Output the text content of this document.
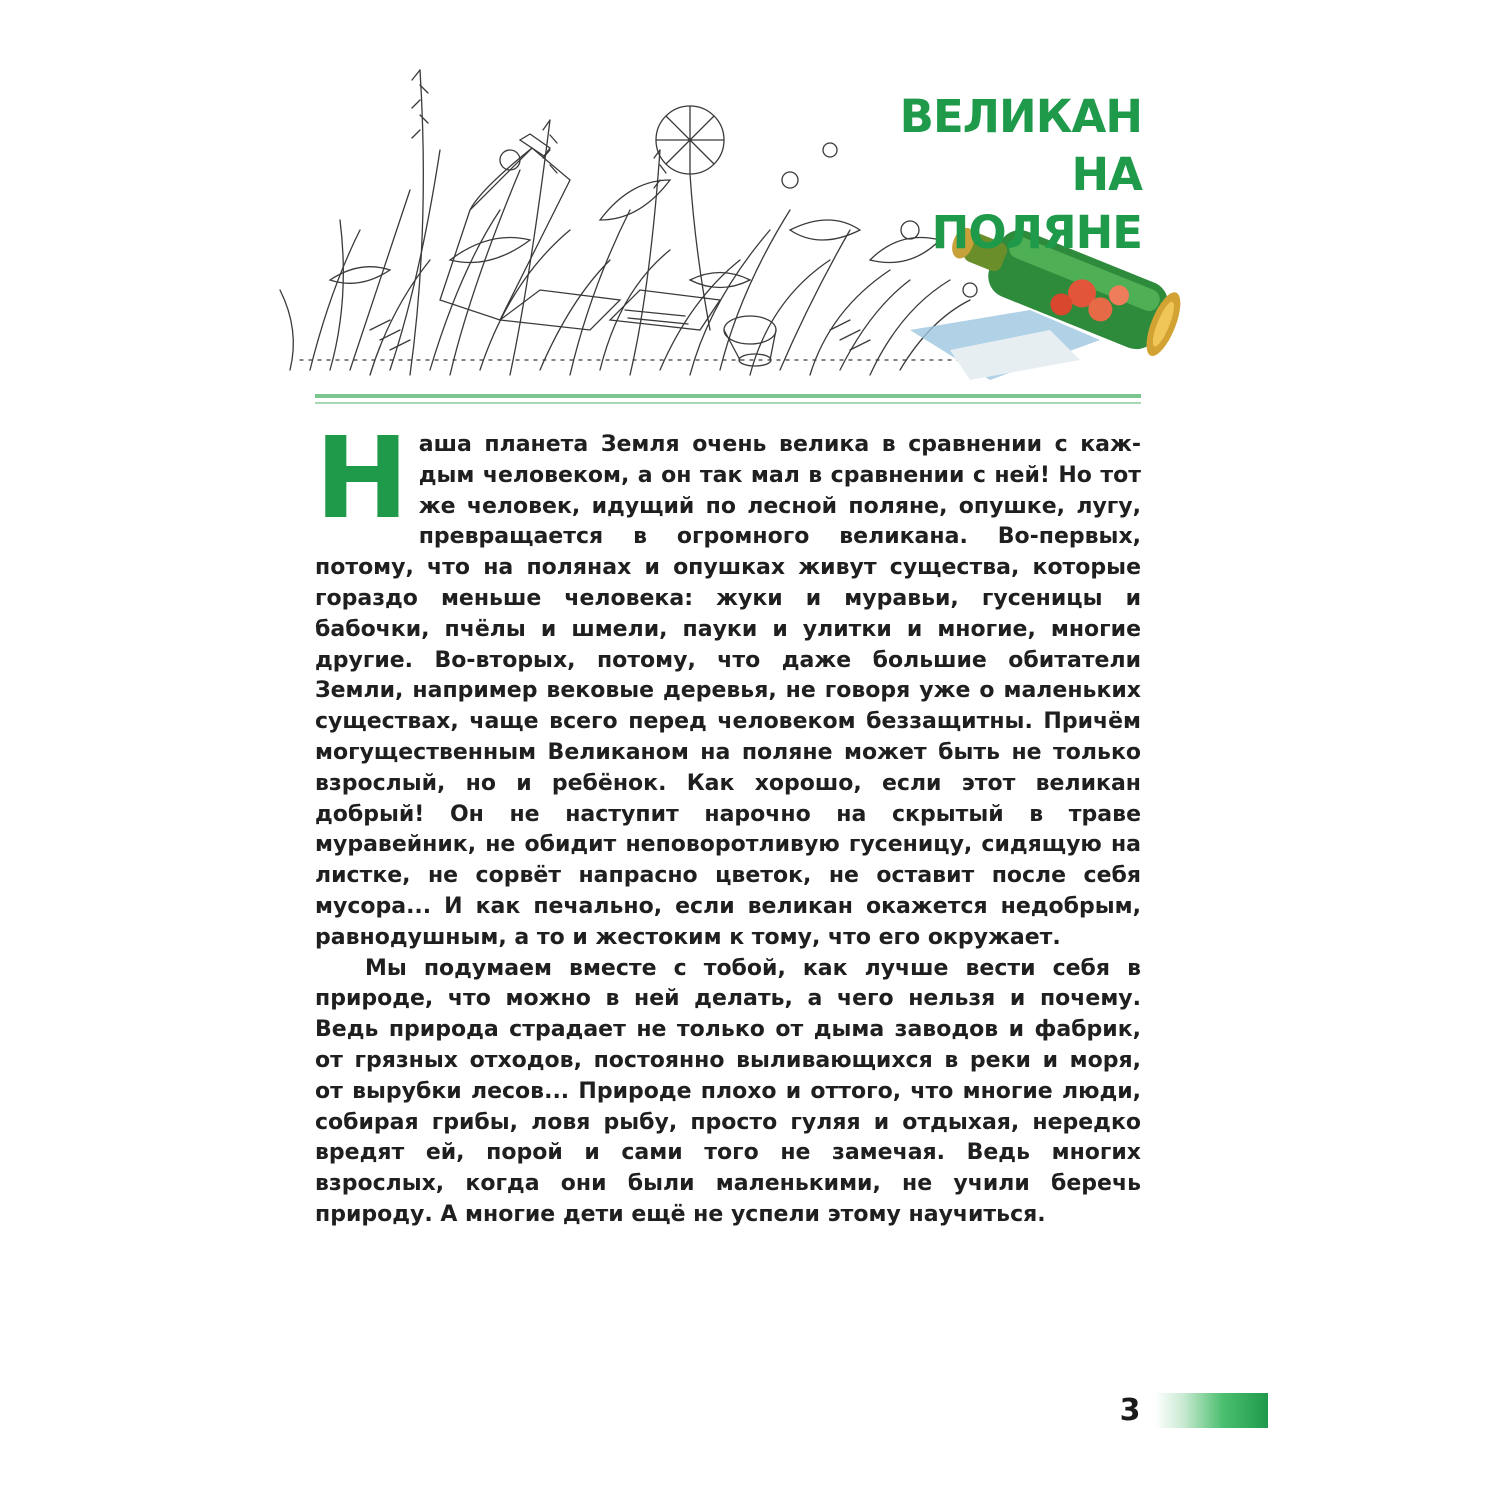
ВЕЛИКАН
НА ПОЛЯНЕ

Наша планета Земля очень велика в сравнении с каждым человеком, а он так мал в сравнении с ней! Но тот же человек, идущий по лесной поляне, опушке, лугу, превращается в огромного великана. Во-первых, потому, что на полянах и опушках живут существа, которые гораздо меньше человека: жуки и муравьи, гусеницы и бабочки, пчёлы и шмели, пауки и улитки и многие, многие другие. Во-вторых, потому, что даже большие обитатели Земли, например вековые деревья, не говоря уже о маленьких существах, чаще всего перед человеком беззащитны. Причём могущественным Великаном на поляне может быть не только взрослый, но и ребёнок. Как хорошо, если этот великан добрый! Он не наступит нарочно на скрытый в траве муравейник, не обидит неповоротливую гусеницу, сидящую на листке, не сорвёт напрасно цветок, не оставит после себя мусора... И как печально, если великан окажется недобрым, равнодушным, а то и жестоким к тому, что его окружает.

Мы подумаем вместе с тобой, как лучше вести себя в природе, что можно в ней делать, а чего нельзя и почему. Ведь природа страдает не только от дыма заводов и фабрик, от грязных отходов, постоянно выливающихся в реки и моря, от вырубки лесов... Природе плохо и оттого, что многие люди, собирая грибы, ловя рыбу, просто гуляя и отдыхая, нередко вредят ей, порой и сами того не замечая. Ведь многих взрослых, когда они были маленькими, не учили беречь природу. А многие дети ещё не успели этому научиться.

3
